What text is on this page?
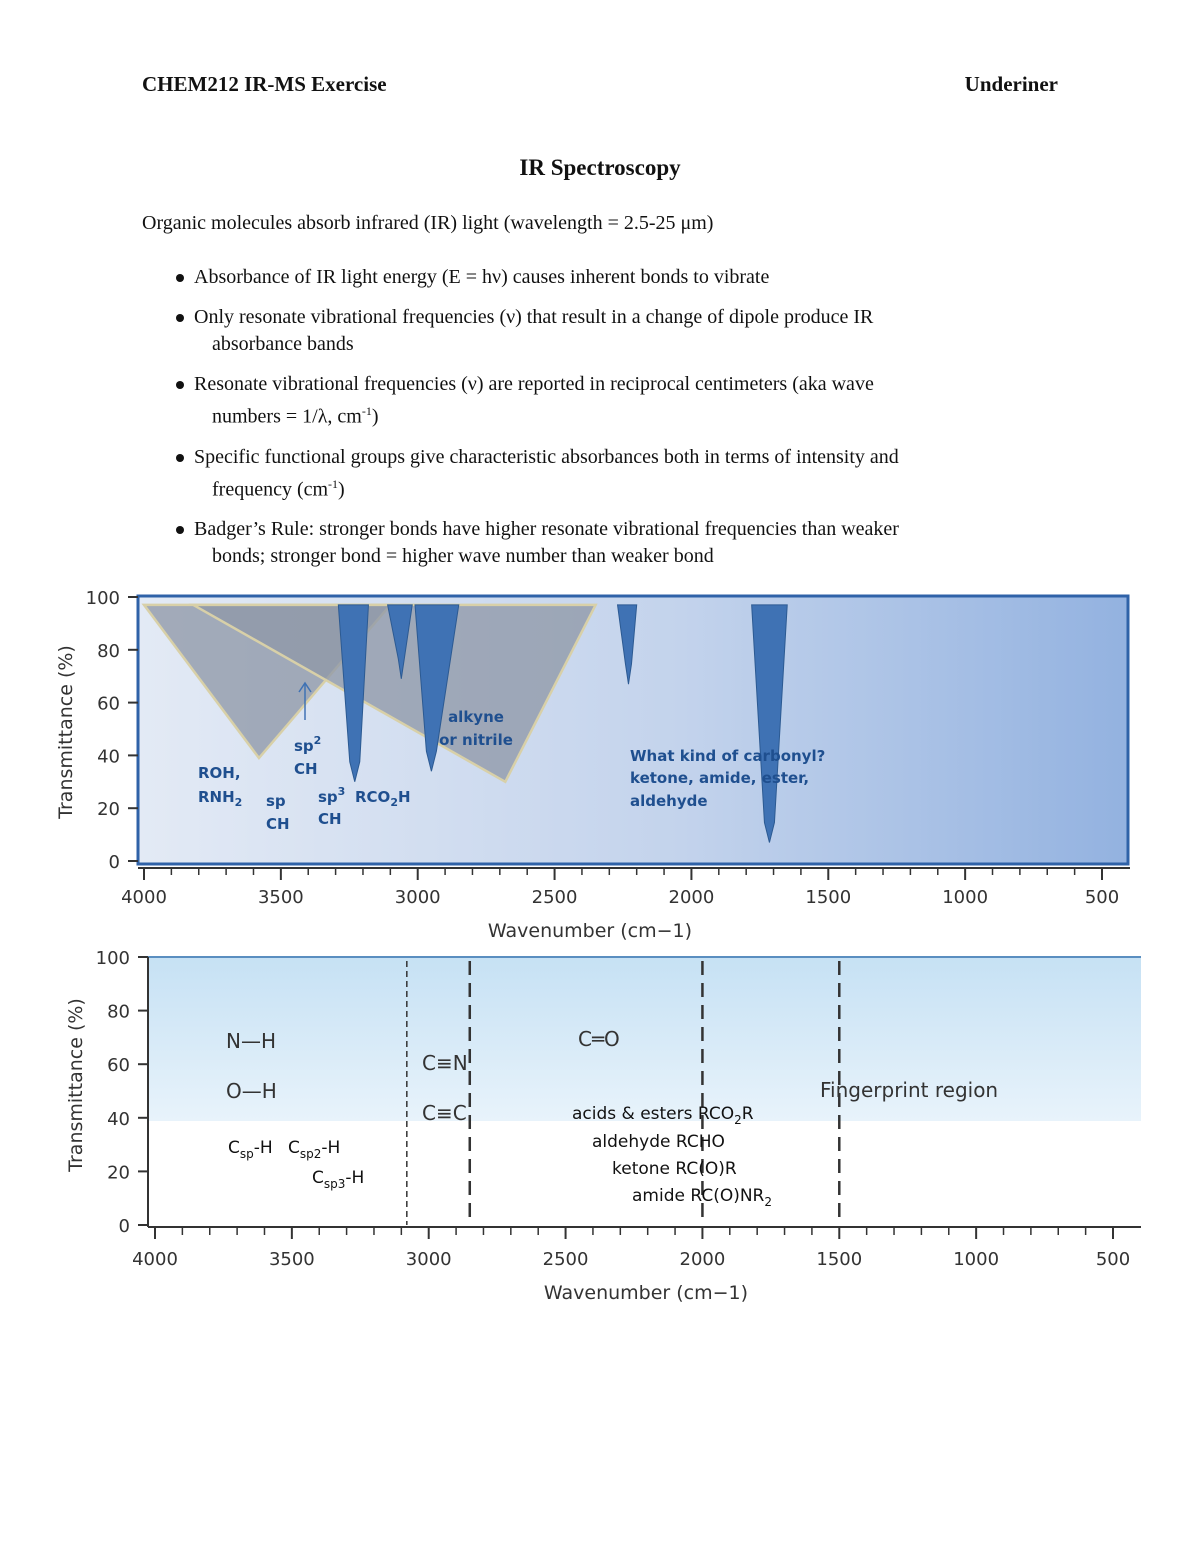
CHEM212 IR-MS Exercise	Underiner
IR Spectroscopy
Organic molecules absorb infrared (IR) light (wavelength = 2.5-25 μm)
Absorbance of IR light energy (E = hν) causes inherent bonds to vibrate
Only resonate vibrational frequencies (ν) that result in a change of dipole produce IR
absorbance bands
Resonate vibrational frequencies (ν) are reported in reciprocal centimeters (aka wave
numbers = 1/λ, $cm^{-1}$)
Specific functional groups give characteristic absorbances both in terms of intensity and
frequency $(cm^{-1})$
Badger’s Rule: stronger bonds have higher resonate vibrational frequencies than weaker
bonds; stronger bond = higher wave number than weaker bond
0
20
40
60
80
100
4000	3500	3000	2500	2000	1500	1000	500
Transmittance (%)
Wavenumber (cm−1)
ROH,
$RNH_2$ sp
CH
$sp^2$
CH
$sp^3$
CH
$RCO_2H$
alkyne
or nitrile
What kind of carbonyl?
ketone, amide, ester,
aldehyde
0
20
40
60
80
100
4000	3500	3000	2500	2000	1500	1000	500
Transmittance (%)
Wavenumber (cm−1)
N—H
O—H
C≡N
C≡C
C═O
Fingerprint region
$C_{sp}-H$ $C_{sp2}-H$
$C_{sp3}-H$
acids & esters $RCO_2R$
aldehyde RCHO
ketone RC(O)R
amide $RC(O)NR_2$
